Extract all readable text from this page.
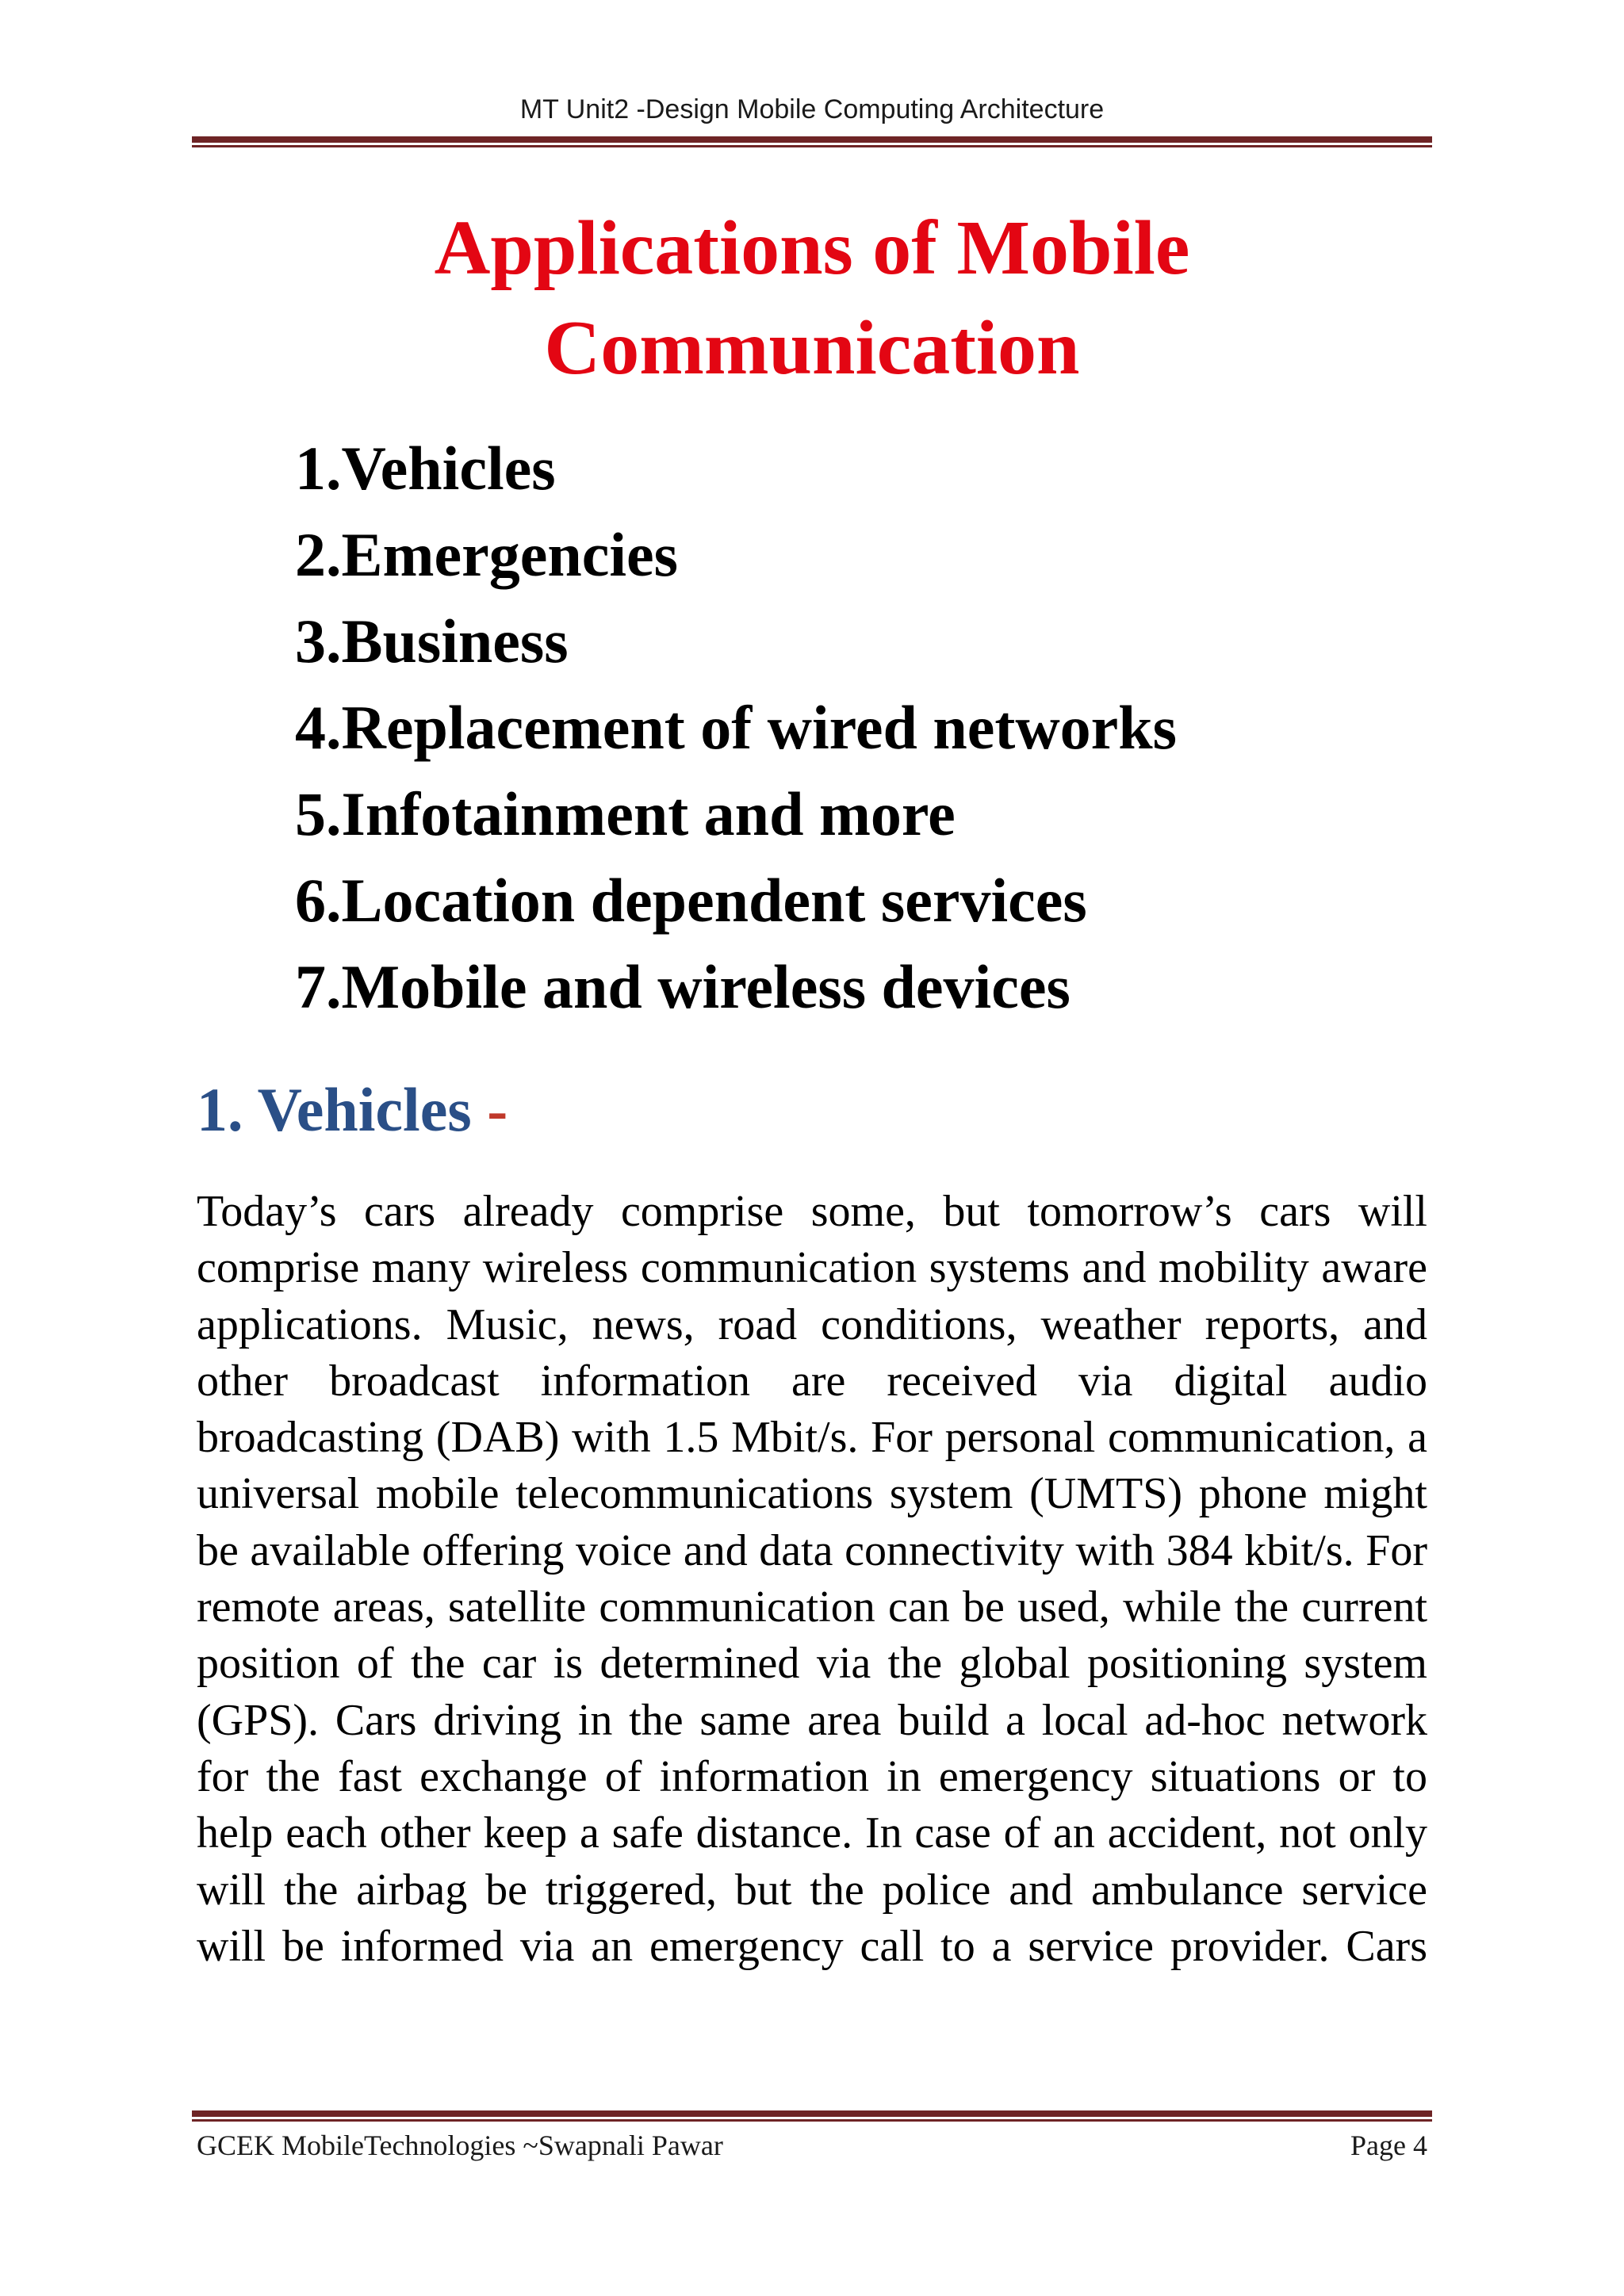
MT Unit2 -Design Mobile Computing Architecture
Applications of Mobile
Communication
1.Vehicles
2.Emergencies
3.Business
4.Replacement of wired networks
5.Infotainment and more
6.Location dependent services
7.Mobile and wireless devices
1. Vehicles -

Today’s cars already comprise some, but tomorrow’s cars will comprise many wireless communication systems and mobility aware applications. Music, news, road conditions, weather reports, and other broadcast information are received via digital audio broadcasting (DAB) with 1.5 Mbit/s. For personal communication, a universal mobile telecommunications system (UMTS) phone might be available offering voice and data connectivity with 384 kbit/s. For remote areas, satellite communication can be used, while the current position of the car is determined via the global positioning system (GPS). Cars driving in the same area build a local ad-hoc network for the fast exchange of information in emergency situations or to help each other keep a safe distance. In case of an accident, not only will the airbag be triggered, but the police and ambulance service will be informed via an emergency call to a service provider. Cars

GCEK MobileTechnologies ~Swapnali Pawar	Page 4
